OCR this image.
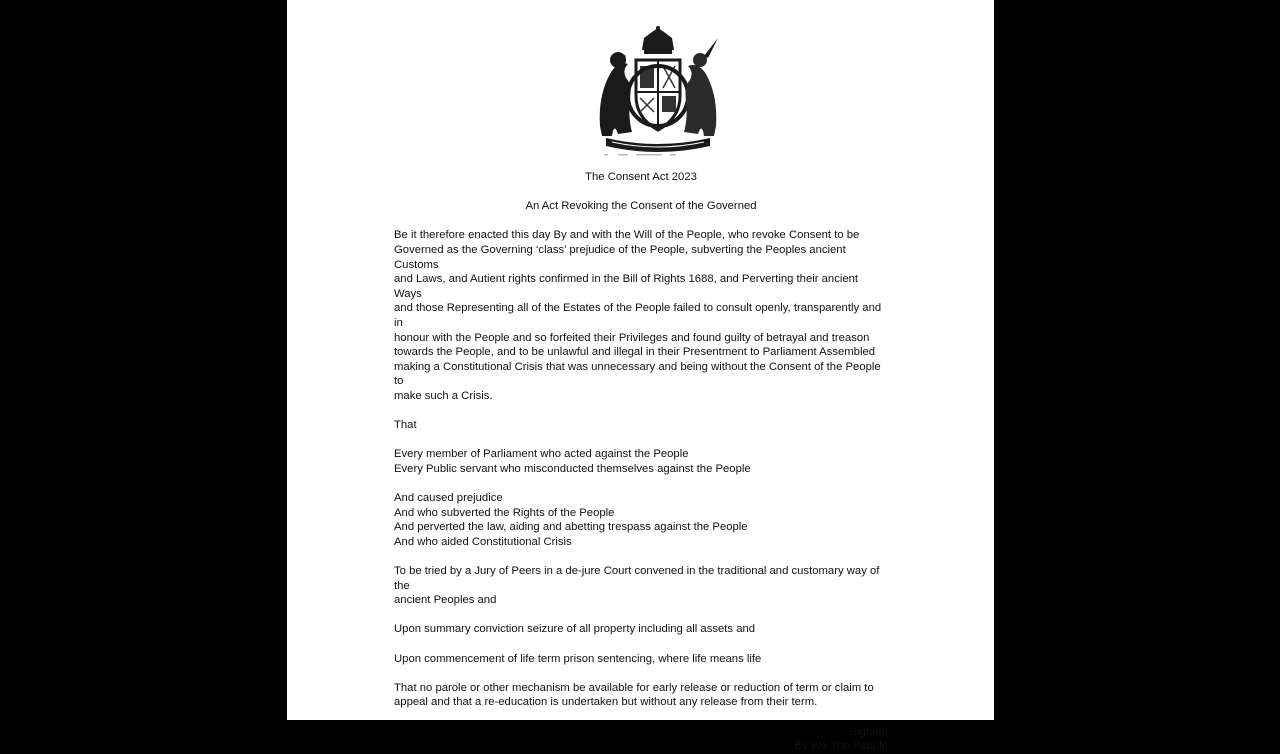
The Consent Act 2023

An Act Revoking the Consent of the Governed

Be it therefore enacted this day By and with the Will of the People, who revoke Consent to be
Governed as the Governing ‘class’ prejudice of the People, subverting the Peoples ancient Customs
and Laws, and Autient rights confirmed in the Bill of Rights 1688, and Perverting their ancient Ways
and those Representing all of the Estates of the People failed to consult openly, transparently and in
honour with the People and so forfeited their Privileges and found guilty of betrayal and treason
towards the People, and to be unlawful and illegal in their Presentment to Parliament Assembled
making a Constitutional Crisis that was unnecessary and being without the Consent of the People to
make such a Crisis.

That

Every member of Parliament who acted against the People
Every Public servant who misconducted themselves against the People

And caused prejudice
And who subverted the Rights of the People
And perverted the law, aiding and abetting trespass against the People
And who aided Constitutional Crisis

To be tried by a Jury of Peers in a de-jure Court convened in the traditional and customary way of the
ancient Peoples and

Upon summary conviction seizure of all property including all assets and

Upon commencement of life term prison sentencing, where life means life

That no parole or other mechanism be available for early release or reduction of term or claim to
appeal and that a re-education is undertaken but without any release from their term.

Signed:
By We The People
